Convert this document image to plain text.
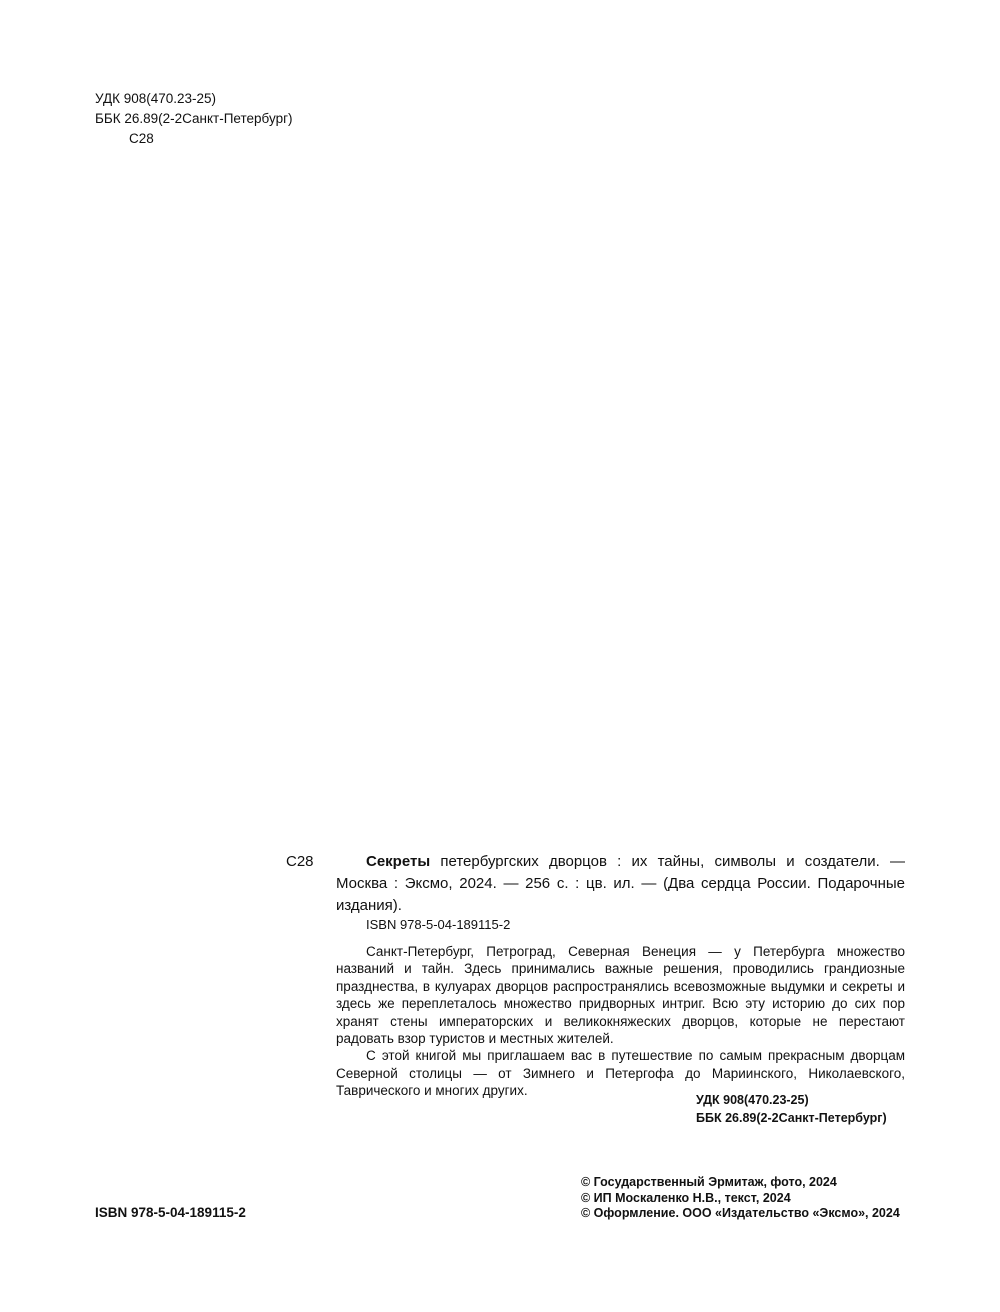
УДК 908(470.23-25)
ББК 26.89(2-2Санкт-Петербург)
С28
С28	Секреты петербургских дворцов : их тайны, символы и создатели. — Москва : Эксмо, 2024. — 256 с. : цв. ил. — (Два сердца России. Подарочные издания).

ISBN 978-5-04-189115-2

Санкт-Петербург, Петроград, Северная Венеция — у Петербурга множество названий и тайн. Здесь принимались важные решения, проводились грандиозные празднества, в кулуарах дворцов распространялись всевозможные выдумки и секреты и здесь же переплеталось множество придворных интриг. Всю эту историю до сих пор хранят стены императорских и великокняжеских дворцов, которые не перестают радовать взор туристов и местных жителей.

С этой книгой мы приглашаем вас в путешествие по самым прекрасным дворцам Северной столицы — от Зимнего и Петергофа до Мариинского, Николаевского, Таврического и многих других.

УДК 908(470.23-25)
ББК 26.89(2-2Санкт-Петербург)
© Государственный Эрмитаж, фото, 2024
© ИП Москаленко Н.В., текст, 2024
© Оформление. ООО «Издательство «Эксмо», 2024
ISBN 978-5-04-189115-2
